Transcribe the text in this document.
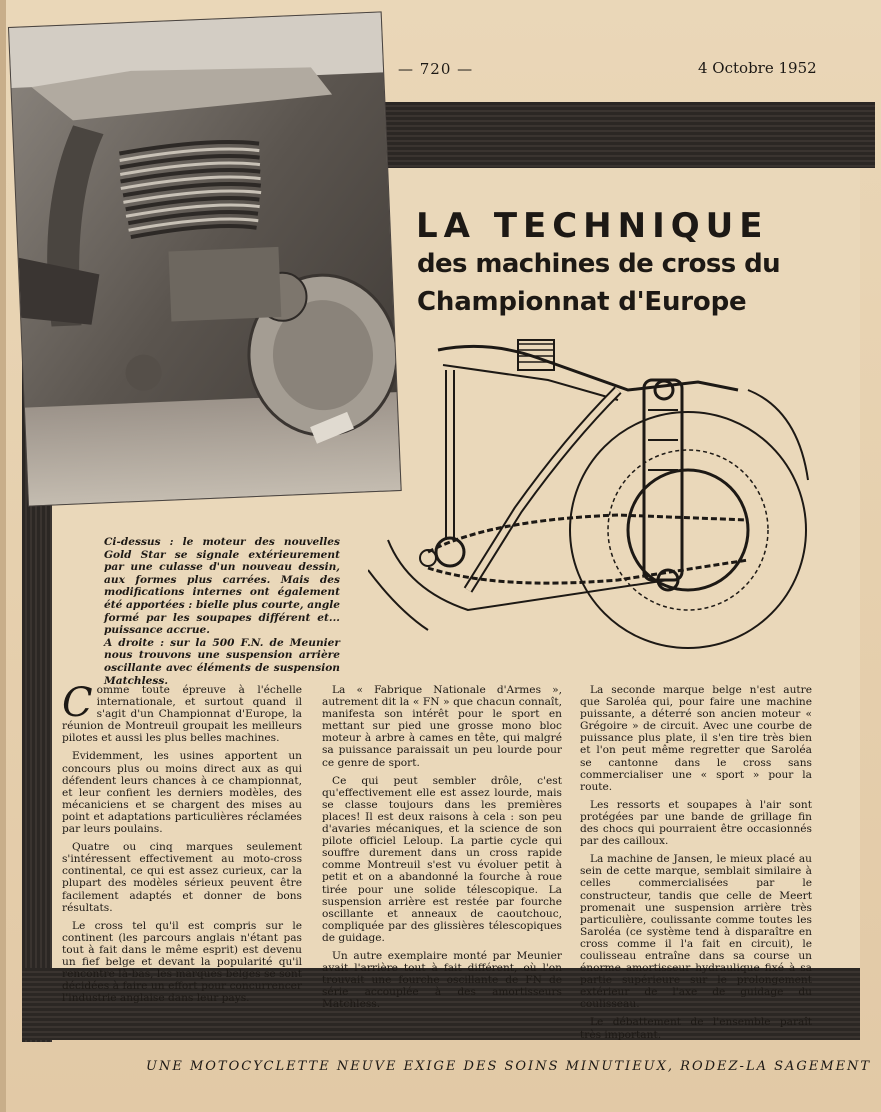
— 720 —	4 Octobre 1952
LA TECHNIQUE
des machines de cross du
Championnat d'Europe

Ci-dessus : le moteur des nouvelles Gold Star se signale extérieurement par une culasse d'un nouveau dessin, aux formes plus carrées. Mais des modifications internes ont également été apportées : bielle plus courte, angle formé par les soupapes différent et... puissance accrue.

A droite : sur la 500 F.N. de Meunier nous trouvons une suspension arrière oscillante avec éléments de suspension Matchless.

Comme toute épreuve à l'échelle internationale, et surtout quand il s'agit d'un Championnat d'Europe, la réunion de Montreuil groupait les meilleurs pilotes et aussi les plus belles machines.

Evidemment, les usines apportent un concours plus ou moins direct aux as qui défendent leurs chances à ce championnat, et leur confient les derniers modèles, des mécaniciens et se chargent des mises au point et adaptations particulières réclamées par leurs poulains.

Quatre ou cinq marques seulement s'intéressent effectivement au moto-cross continental, ce qui est assez curieux, car la plupart des modèles sérieux peuvent être facilement adaptés et donner de bons résultats.

Le cross tel qu'il est compris sur le continent (les parcours anglais n'étant pas tout à fait dans le même esprit) est devenu un fief belge et devant la popularité qu'il rencontre là-bas, les marques belges se sont décidées à faire un effort pour concurrencer l'industrie anglaise dans leur pays.

La « Fabrique Nationale d'Armes », autrement dit la « FN » que chacun connaît, manifesta son intérêt pour le sport en mettant sur pied une grosse mono bloc moteur à arbre à cames en tête, qui malgré sa puissance paraissait un peu lourde pour ce genre de sport.

Ce qui peut sembler drôle, c'est qu'effectivement elle est assez lourde, mais se classe toujours dans les premières places! Il est deux raisons à cela : son peu d'avaries mécaniques, et la science de son pilote officiel Leloup. La partie cycle qui souffre durement dans un cross rapide comme Montreuil s'est vu évoluer petit à petit et on a abandonné la fourche à roue tirée pour une solide télescopique. La suspension arrière est restée par fourche oscillante et anneaux de caoutchouc, compliquée par des glissières télescopiques de guidage.

Un autre exemplaire monté par Meunier avait l'arrière tout à fait différent, où l'on trouvait une fourche oscillante de FN de série accouplée à des amortisseurs Matchless.

La seconde marque belge n'est autre que Saroléa qui, pour faire une machine puissante, a déterré son ancien moteur « Grégoire » de circuit. Avec une courbe de puissance plus plate, il s'en tire très bien et l'on peut même regretter que Saroléa se cantonne dans le cross sans commercialiser une « sport » pour la route.

Les ressorts et soupapes à l'air sont protégées par une bande de grillage fin des chocs qui pourraient être occasionnés par des cailloux.

La machine de Jansen, le mieux placé au sein de cette marque, semblait similaire à celles commercialisées par le constructeur, tandis que celle de Meert promenait une suspension arrière très particulière, coulissante comme toutes les Saroléa (ce système tend à disparaître en cross comme il l'a fait en circuit), le coulisseau entraîne dans sa course un énorme amortisseur hydraulique fixé à sa partie supérieure sur le prolongement extérieur de l'axe de guidage du coulisseau.

Le débattement de l'ensemble paraît très important.

UNE MOTOCYCLETTE NEUVE EXIGE DES SOINS MINUTIEUX, RODEZ-LA SAGEMENT
